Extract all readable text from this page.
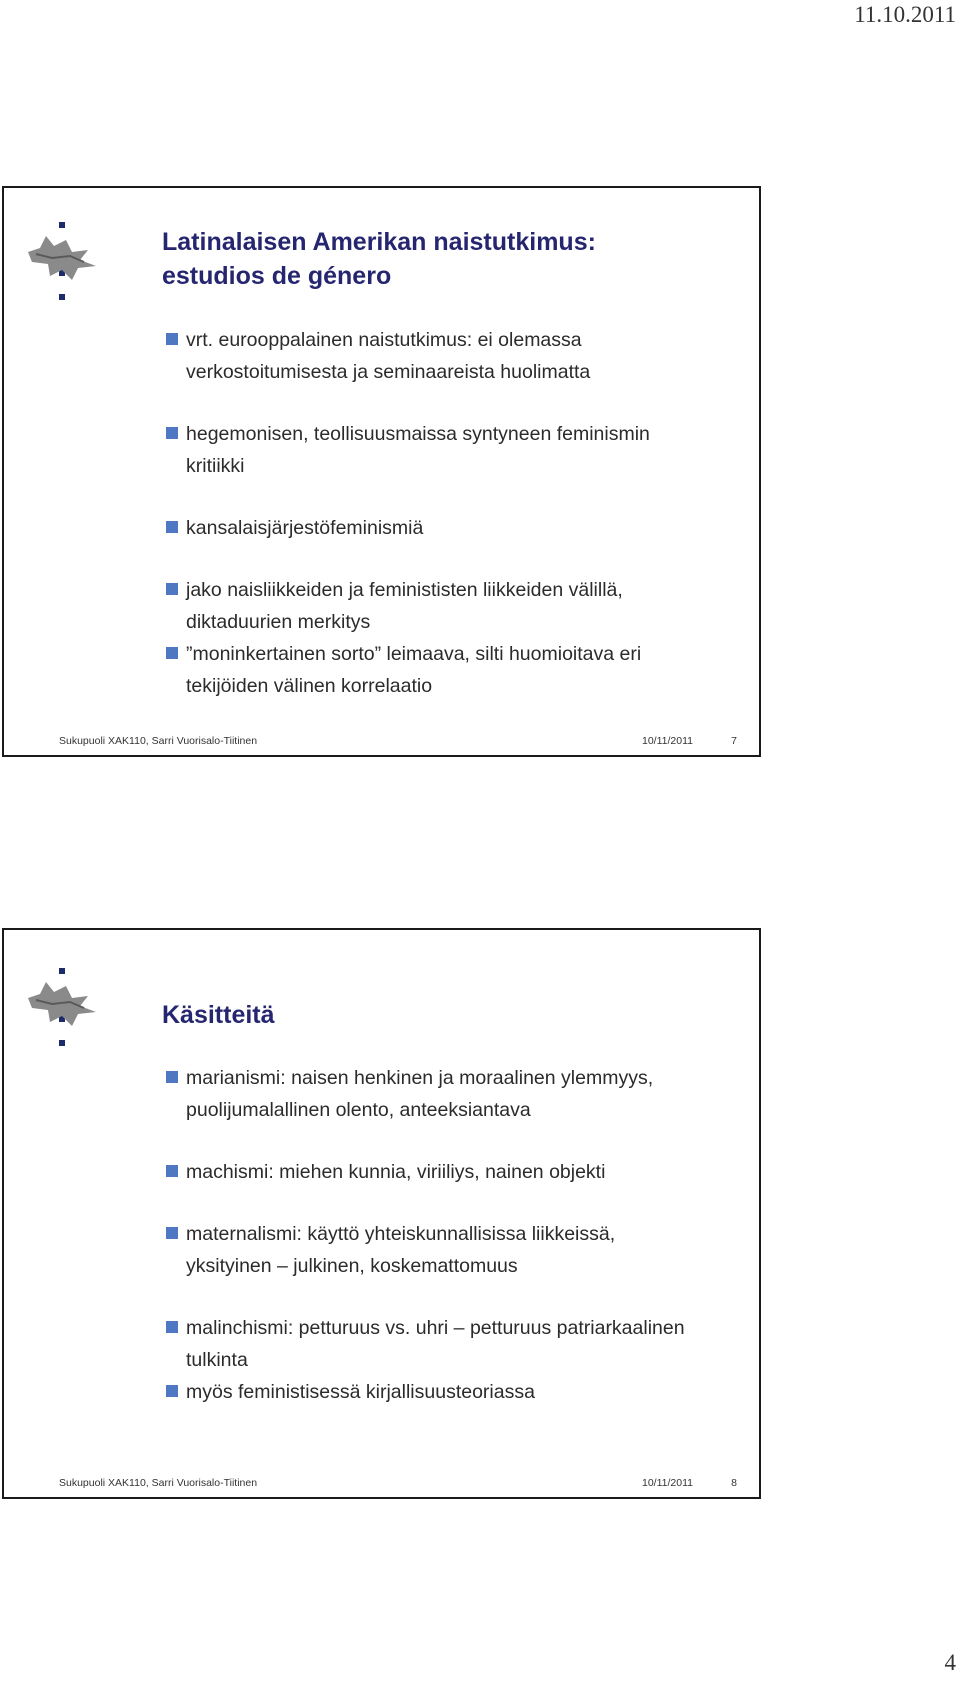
11.10.2011
Latinalaisen Amerikan naistutkimus:
estudios de género
vrt. eurooppalainen naistutkimus: ei olemassa
verkostoitumisesta ja seminaareista huolimatta
hegemonisen, teollisuusmaissa syntyneen feminismin
kritiikki
kansalaisjärjestöfeminismiä
jako naisliikkeiden ja feminististen liikkeiden välillä,
diktaduurien merkitys
”moninkertainen sorto” leimaava, silti huomioitava eri
tekijöiden välinen korrelaatio
Sukupuoli XAK110, Sarri Vuorisalo-Tiitinen	10/11/2011	7
Käsitteitä
marianismi: naisen henkinen ja moraalinen ylemmyys,
puolijumalallinen olento, anteeksiantava
machismi: miehen kunnia, viriiliys, nainen objekti
maternalismi: käyttö yhteiskunnallisissa liikkeissä,
yksityinen – julkinen, koskemattomuus
malinchismi: petturuus vs. uhri – petturuus patriarkaalinen
tulkinta
myös feministisessä kirjallisuusteoriassa
Sukupuoli XAK110, Sarri Vuorisalo-Tiitinen	10/11/2011	8
4
